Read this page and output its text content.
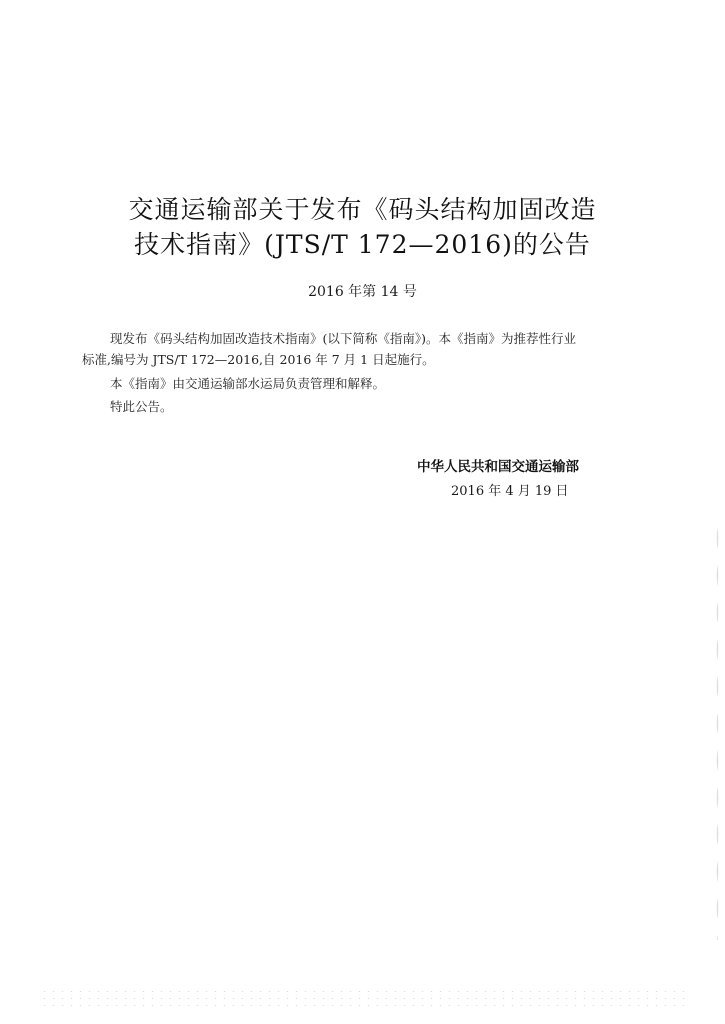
交通运输部关于发布《码头结构加固改造
技术指南》(JTS/T 172—2016)的公告
2016 年第 14 号
现发布《码头结构加固改造技术指南》(以下简称《指南》)。本《指南》为推荐性行业
标准,编号为 JTS/T 172—2016,自 2016 年 7 月 1 日起施行。
本《指南》由交通运输部水运局负责管理和解释。
特此公告。
中华人民共和国交通运输部
2016 年 4 月 19 日
